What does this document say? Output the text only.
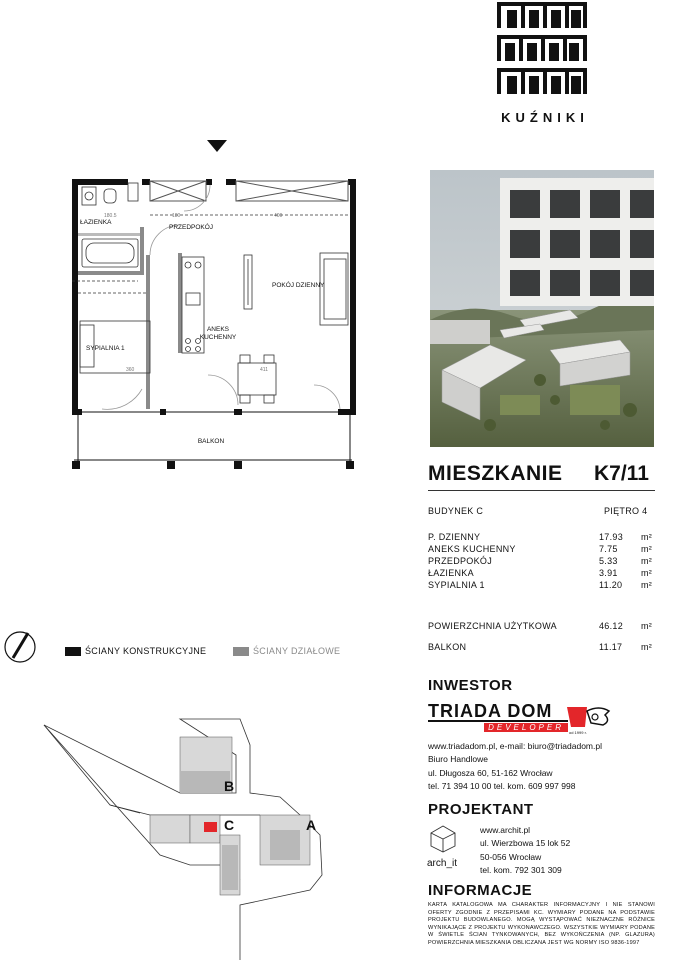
KUŹNIKI
ŁAZIENKA
PRZEDPOKÓJ
POKÓJ DZIENNY
ANEKS
KUCHENNY
SYPIALNIA 1
BALKON
180.5	180	400
360	411
MIESZKANIE K7/11
BUDYNEK C	PIĘTRO 4
P. DZIENNY	17.93 m²
ANEKS KUCHENNY	7.75	m²
PRZEDPOKÓJ	5.33	m²
ŁAZIENKA	3.91	m²
SYPIALNIA 1	11.20 m²
POWIERZCHNIA UŻYTKOWA	46.12 m²
BALKON	11.17 m²
ŚCIANY KONSTRUKCYJNE	ŚCIANY DZIAŁOWE
B
C	A
INWESTOR
TRIADA DOM
DEVELOPER
od 1999 r.
www.triadadom.pl, e-mail: biuro@triadadom.pl
Biuro Handlowe
ul. Długosza 60, 51-162 Wrocław
tel. 71 394 10 00 tel. kom. 609 997 998
PROJEKTANT
arch_it
www.archit.pl
ul. Wierzbowa 15 lok 52
50-056 Wrocław
tel. kom. 792 301 309
INFORMACJE
KARTA KATALOGOWA MA CHARAKTER INFORMACYJNY I NIE STANOWI OFERTY ZGODNIE Z PRZEPISAMI KC. WYMIARY PODANE NA PODSTAWIE PROJEKTU BUDOWLANEGO. MOGĄ WYSTĄPOWAĆ NIEZNACZNE RÓŻNICE WYNIKAJĄCE Z PROJEKTU WYKONAWCZEGO. WSZYSTKIE WYMIARY PODANE W ŚWIETLE ŚCIAN TYNKOWANYCH, BEZ WYKOŃCZENIA (NP. GLAZURA) POWIERZCHNIA MIESZKANIA OBLICZANA JEST WG NORMY ISO 9836-1997
